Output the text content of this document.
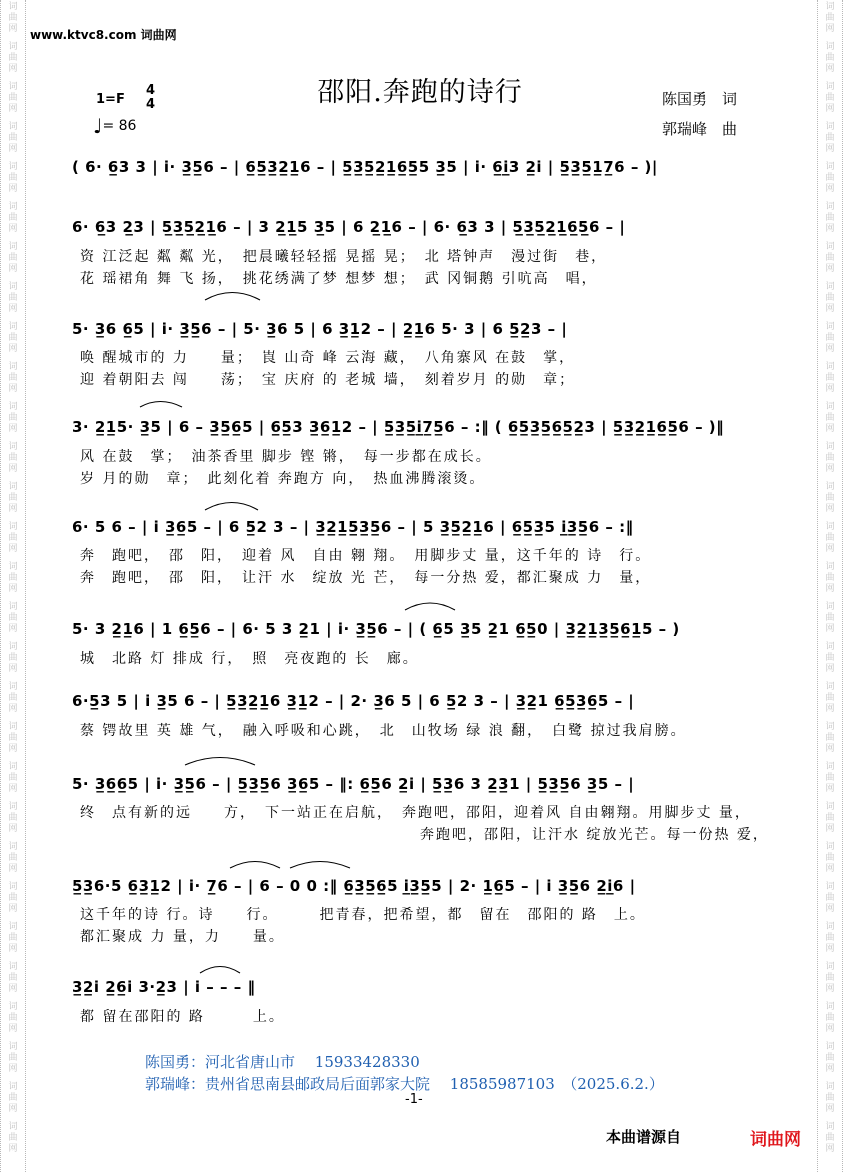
词
曲
网
词
曲
网
词
曲
网
词
曲
网
词
曲
网
词
曲
网
词
曲
网
词
曲
网
词
曲
网
词
曲
网
词
曲
网
词
曲
网
词
曲
网
词
曲
网
词
曲
网
词
曲
网
词
曲
网
词
曲
网
词
曲
网
词
曲
网
词
曲
网
词
曲
网
词
曲
网
词
曲
网
词
曲
网
词
曲
网
词
曲
网
词
曲
网
词
曲
网
词
曲
网
词
曲
网
词
曲
网
词
曲
网
词
曲
网
词
曲
网
词
曲
网
词
曲
网
词
曲
网
词
曲
网
词
曲
网
词
曲
网
词
曲
网
词
曲
网
词
曲
网
词
曲
网
词
曲
网
词
曲
网
词
曲
网
词
曲
网
词
曲
网
词
曲
网
词
曲
网
词
曲
网
词
曲
网
词
曲
网
词
曲
网
词
曲
网
词
曲
网
www.ktvc8.com 词曲网
1=F
4
4
♩= 86
邵阳.奔跑的诗行	陈国勇　词
郭瑞峰　曲
( 6· 6̲3 3 | i· 3̲5̲6 – | 6̲5̲3̲2̲1̲6 – | 5̲3̲5̲2̲1̲6̲5̲5 3̲5 | i· 6̲i̲3 2̲i | 5̲3̲5̲1̲7̲6 – )|
6· 6̲3 2̲3 | 5̲3̲5̲2̲1̲6 – | 3 2̲1̲5 3̲5 | 6 2̲1̲6 – | 6· 6̲3 3 | 5̲3̲5̲2̲1̲6̲5̲6 – |
资 江泛起 粼 粼 光，　把晨曦轻轻摇 晃摇 晃；　北 塔钟声　漫过街　巷，
花 瑶裙角 舞 飞 扬，　挑花绣满了梦 想梦 想；　武 冈铜鹅 引吭高　唱，
5· 3̲6 6̲5 | i· 3̲5̲6 – | 5· 3̲6 5 | 6 3̲1̲2 – | 2̲1̲6 5· 3 | 6 5̲2̲3 – |
唤 醒城市的 力　　量；　崀 山奇 峰 云海 藏，　八角寨风 在鼓　掌，
迎 着朝阳去 闯　　荡；　宝 庆府 的 老城 墙，　刻着岁月 的勋　章；
3· 2̲1̲5· 3̲5 | 6 – 3̲5̲6̲5 | 6̲5̲3 3̲6̲1̲2 – | 5̲3̲5̲i̲7̲5̲6 – :‖ ( 6̲5̲3̲5̲6̲5̲2̲3 | 5̲3̲2̲1̲6̲5̲6 – )‖
风 在鼓　掌；　油茶香里 脚步 铿 锵，　每一步都在成长。
岁 月的勋　章；　此刻化着 奔跑方 向，　热血沸腾滚烫。
6· 5 6 – | i 3̲6̲5 – | 6 5̲2 3 – | 3̲2̲1̲5̲3̲5̲6 – | 5 3̲5̲2̲1̲6 | 6̲5̲3̲5 i̲3̲5̲6 – :‖
奔　跑吧，　邵　阳，　迎着 风　自由 翱 翔。　用脚步丈 量，这千年的 诗　行。
奔　跑吧，　邵　阳，　让汗 水　绽放 光 芒，　每一分热 爱，都汇聚成 力　量，
5· 3 2̲1̲6 | 1 6̲5̲6 – | 6· 5 3 2̲1 | i· 3̲5̲6 – | ( 6̲5 3̲5 2̲1 6̲5̲0 | 3̲2̲1̲3̲5̲6̲1̲5 – )
城　北路 灯 排成 行，　照　亮夜跑的 长　廊。
6·5̲3 5 | i 3̲5 6 – | 5̲3̲2̲1̲6 3̲1̲2 – | 2· 3̲6 5 | 6 5̲2 3 – | 3̲2̲1 6̲5̲3̲6̲5 – |
蔡 锷故里 英 雄 气，　融入呼吸和心跳，　北　山牧场 绿 浪 翻，　白鹭 掠过我肩膀。
5· 3̲6̲6̲5 | i· 3̲5̲6 – | 5̲3̲5̲6 3̲6̲5 – ‖: 6̲5̲6 2̲i | 5̲3̲6 3 2̲3̲1 | 5̲3̲5̲6 3̲5 – |
终　点有新的远　　方，　下一站正在启航，　奔跑吧，邵阳，迎着风 自由翱翔。用脚步丈 量，
奔跑吧，邵阳，让汗水 绽放光芒。每一份热 爱，
5̲3̲6·5 6̲3̲1̲2 | i· 7̲6 – | 6 – 0 0 :‖ 6̲3̲5̲6̲5 i̲3̲5̲5 | 2· 1̲6̲5 – | i 3̲5̲6 2̲i̲6 |
这千年的诗 行。诗　　行。　　　把青春，把希望，都　留在　邵阳的 路　上。
都汇聚成 力 量，力　　量。
3̲2̲i 2̲6̲i 3·2̲3 | i – – – ‖
都 留在邵阳的 路　　　上。
陈国勇：河北省唐山市　 15933428330
郭瑞峰：贵州省思南县邮政局后面郭家大院　 18585987103　（2025.6.2.）
-1-
本曲谱源自	词曲网
